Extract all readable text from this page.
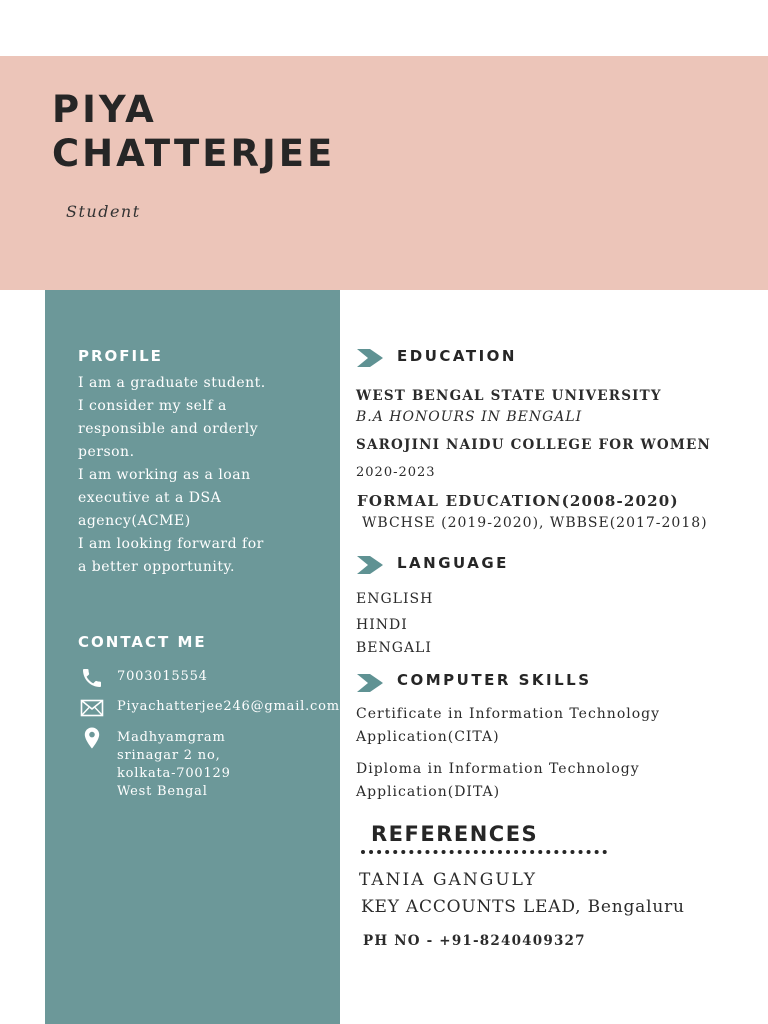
PIYA
CHATTERJEE
Student
PROFILE
I am a graduate student.
I consider my self a
responsible and orderly
person.
I am working as a loan
executive at a DSA
agency(ACME)
I am looking forward for
a better opportunity.
CONTACT ME
7003015554
Piyachatterjee246@gmail.com
Madhyamgram
srinagar 2 no,
kolkata-700129
West Bengal
EDUCATION
WEST BENGAL STATE UNIVERSITY
B.A HONOURS IN BENGALI
SAROJINI NAIDU COLLEGE FOR WOMEN
2020-2023
FORMAL EDUCATION(2008-2020)
WBCHSE (2019-2020), WBBSE(2017-2018)
LANGUAGE
ENGLISH
HINDI
BENGALI
COMPUTER SKILLS
Certificate in Information Technology
Application(CITA)
Diploma in Information Technology
Application(DITA)
REFERENCES
TANIA GANGULY
KEY ACCOUNTS LEAD, Bengaluru
PH NO - +91-8240409327
